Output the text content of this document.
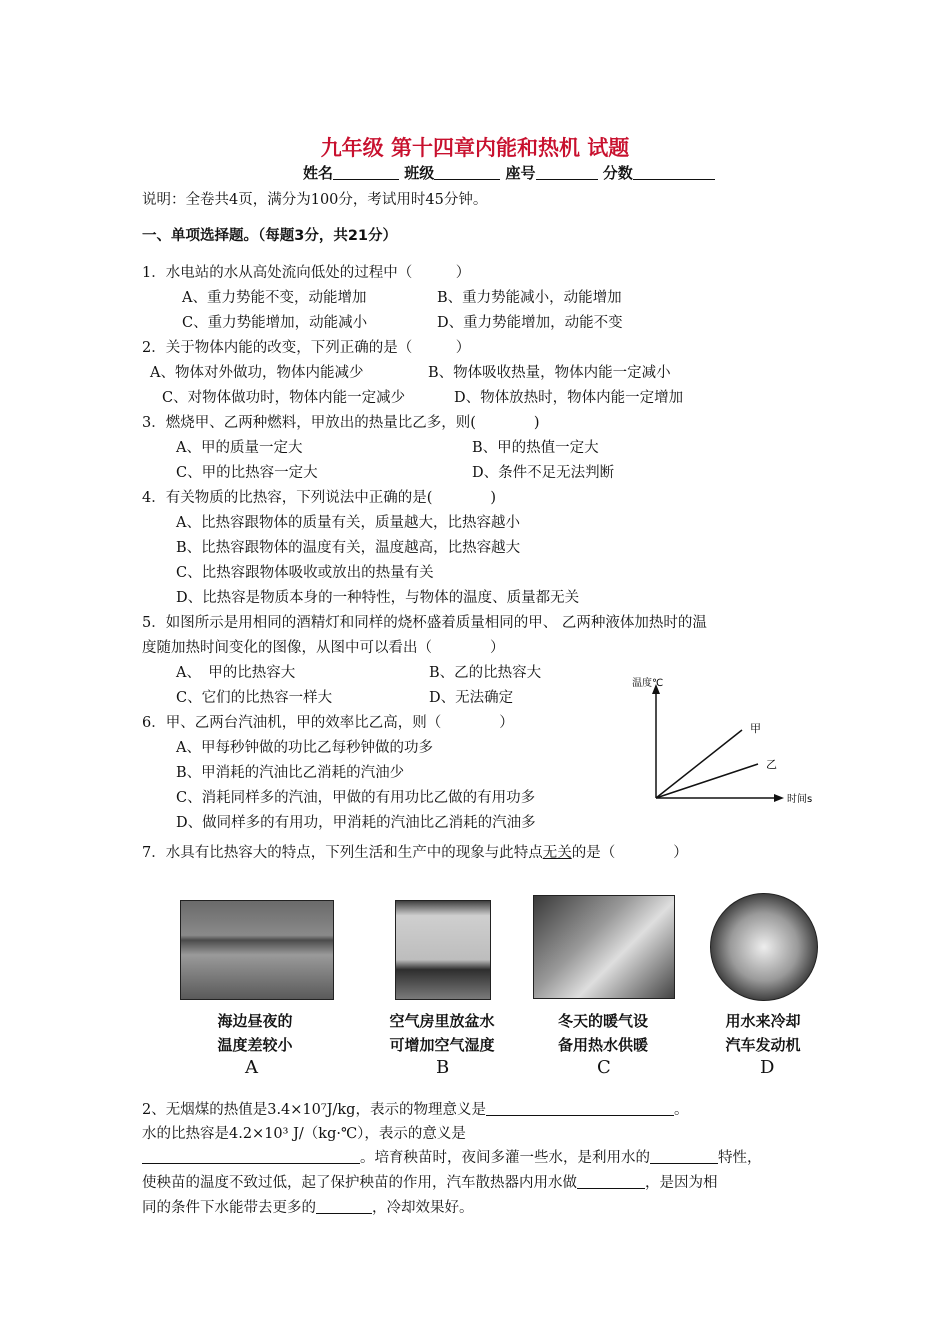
九年级 第十四章内能和热机 试题
姓名	班级	座号	分数
说明：全卷共4页，满分为100分，考试用时45分钟。
一、单项选择题。（每题3分，共21分）
1．水电站的水从高处流向低处的过程中（　　　）
A、重力势能不变，动能增加	B、重力势能减小，动能增加
C、重力势能增加，动能减小	D、重力势能增加，动能不变
2．关于物体内能的改变，下列正确的是（　　　）
A、物体对外做功，物体内能减少	B、物体吸收热量，物体内能一定减小
C、对物体做功时，物体内能一定减少	D、物体放热时，物体内能一定增加
3．燃烧甲、乙两种燃料，甲放出的热量比乙多，则(　　　　)
A、甲的质量一定大	B、甲的热值一定大
C、甲的比热容一定大	D、条件不足无法判断
4．有关物质的比热容，下列说法中正确的是(　　　　)
A、比热容跟物体的质量有关，质量越大，比热容越小
B、比热容跟物体的温度有关，温度越高，比热容越大
C、比热容跟物体吸收或放出的热量有关
D、比热容是物质本身的一种特性，与物体的温度、质量都无关
5．如图所示是用相同的酒精灯和同样的烧杯盛着质量相同的甲、 乙两种液体加热时的温
度随加热时间变化的图像，从图中可以看出（　　　　）
A、　甲的比热容大	B、乙的比热容大
C、它们的比热容一样大	D、无法确定
温度℃
时间s
甲
乙
6．甲、乙两台汽油机，甲的效率比乙高，则（　　　　）
A、甲每秒钟做的功比乙每秒钟做的功多
B、甲消耗的汽油比乙消耗的汽油少
C、消耗同样多的汽油，甲做的有用功比乙做的有用功多
D、做同样多的有用功，甲消耗的汽油比乙消耗的汽油多
7．水具有比热容大的特点，下列生活和生产中的现象与此特点无关的是（　　　　）
海边昼夜的
温度差较小
空气房里放盆水
可增加空气湿度
冬天的暖气设
备用热水供暖
用水来冷却
汽车发动机
A	B	C	D
2、无烟煤的热值是3.4×10⁷J/kg，表示的物理意义是	。
水的比热容是4.2×10³ J/（kg·℃），表示的意义是
。培育秧苗时，夜间多灌一些水，是利用水的	特性，
使秧苗的温度不致过低，起了保护秧苗的作用，汽车散热器内用水做	，是因为相
同的条件下水能带去更多的	，冷却效果好。
